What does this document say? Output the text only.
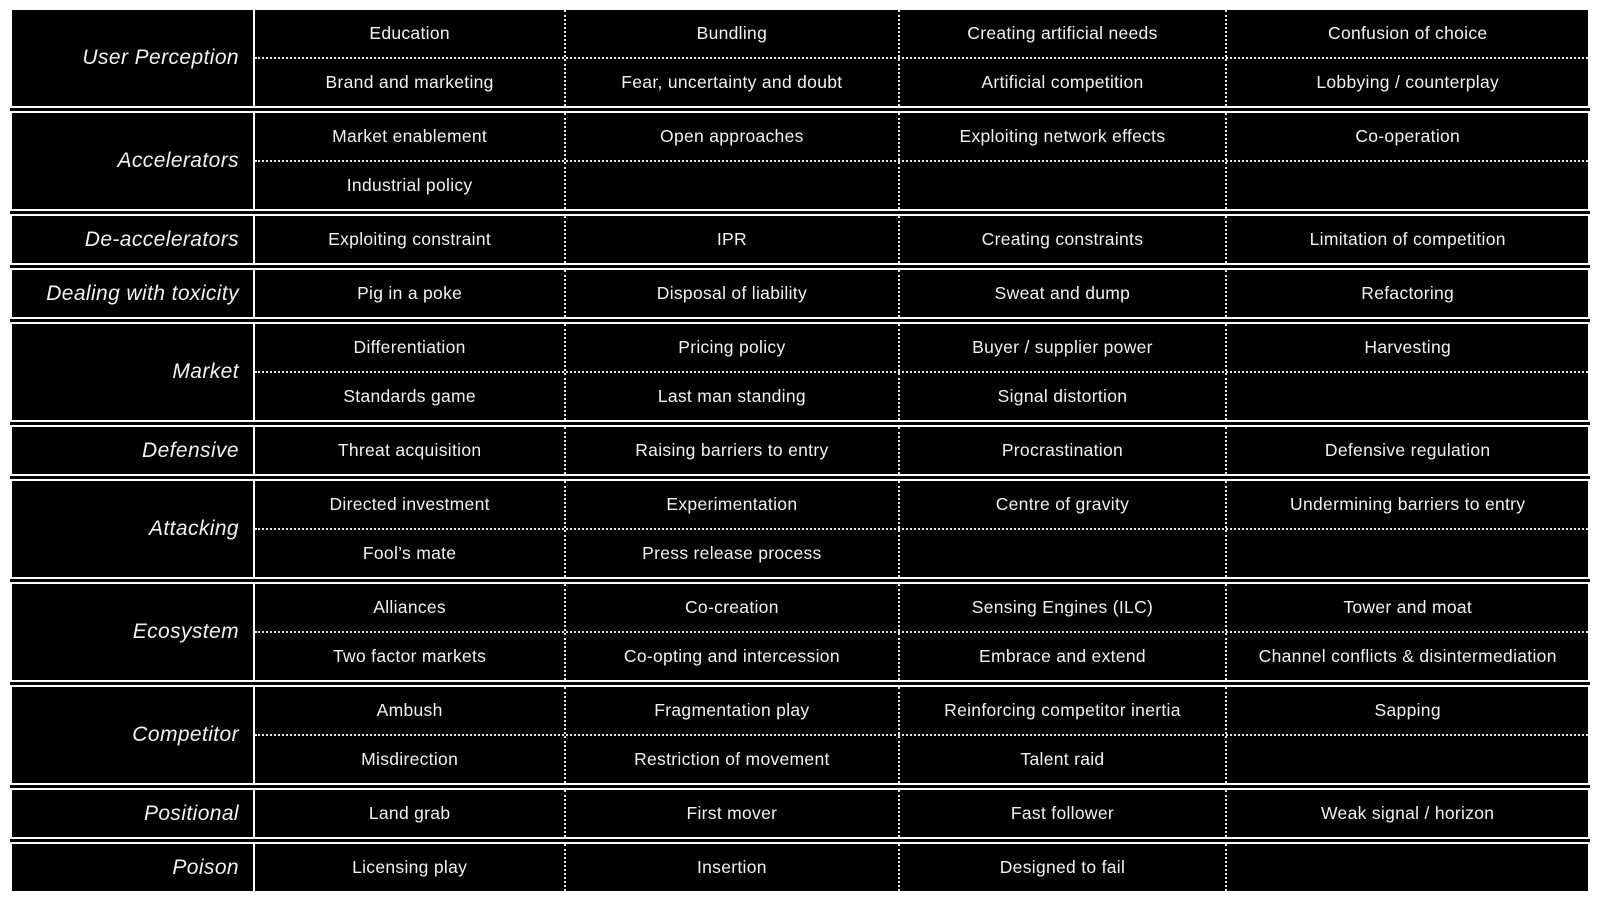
User Perception
Education	Bundling	Creating artificial needs	Confusion of choice
Brand and marketing	Fear, uncertainty and doubt	Artificial competition	Lobbying / counterplay
Accelerators
Market enablement	Open approaches	Exploiting network effects	Co-operation
Industrial policy
De-accelerators	Exploiting constraint	IPR	Creating constraints	Limitation of competition
Dealing with toxicity	Pig in a poke	Disposal of liability	Sweat and dump	Refactoring
Market
Differentiation	Pricing policy	Buyer / supplier power	Harvesting
Standards game	Last man standing	Signal distortion
Defensive	Threat acquisition	Raising barriers to entry	Procrastination	Defensive regulation
Attacking
Directed investment	Experimentation	Centre of gravity	Undermining barriers to entry
Fool’s mate	Press release process
Ecosystem
Alliances	Co-creation	Sensing Engines (ILC)	Tower and moat
Two factor markets	Co-opting and intercession	Embrace and extend	Channel conflicts & disintermediation
Competitor
Ambush	Fragmentation play	Reinforcing competitor inertia	Sapping
Misdirection	Restriction of movement	Talent raid
Positional	Land grab	First mover	Fast follower	Weak signal / horizon
Poison	Licensing play	Insertion	Designed to fail
